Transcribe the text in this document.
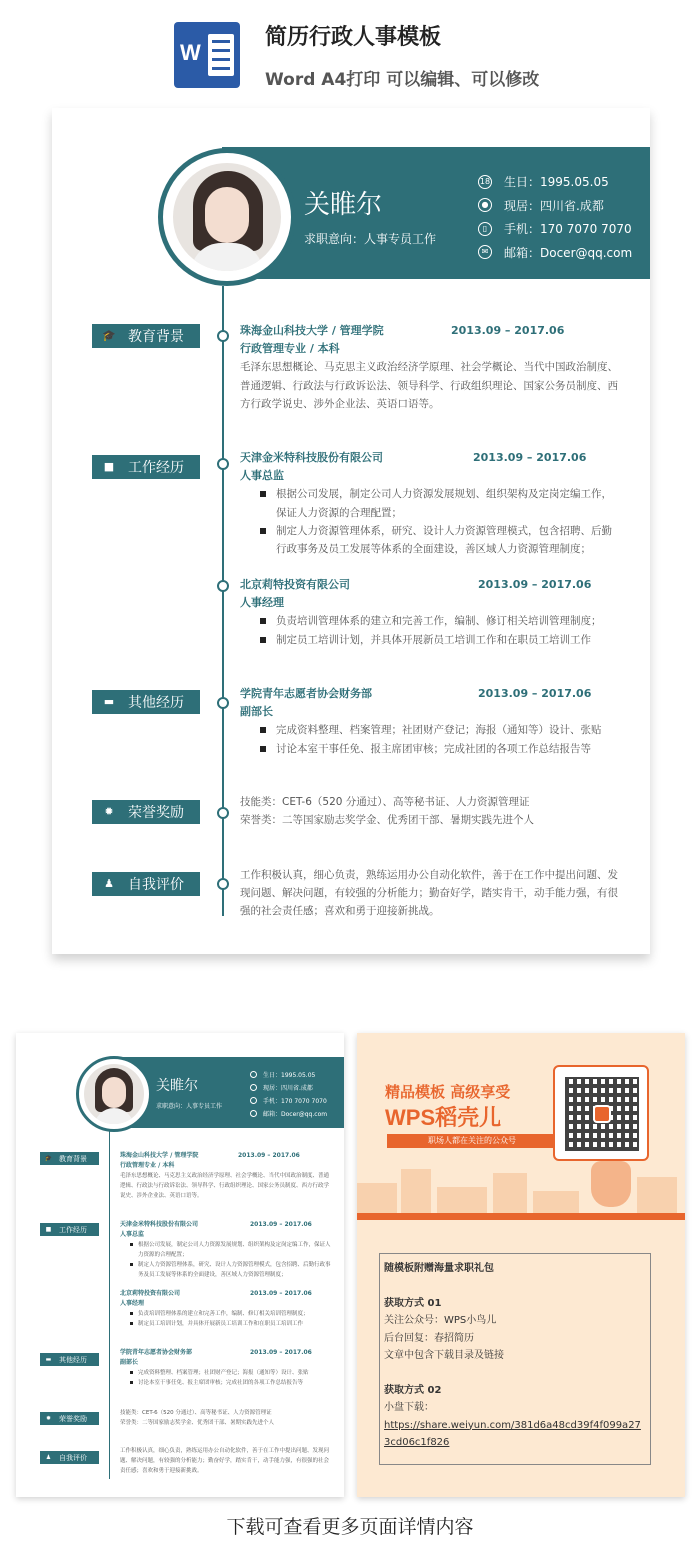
W
简历行政人事模板
Word A4打印 可以编辑、可以修改
关睢尔
求职意向：人事专员工作
18 生日：1995.05.05
● 现居：四川省.成都
▯	手机：170 7070 7070
✉	邮箱：Docer@qq.com
🎓 教育背景
■ 工作经历
▬ 其他经历
✹	荣誉奖励
♟ 自我评价
珠海金山科技大学 / 管理学院	2013.09 – 2017.06
行政管理专业 / 本科
毛泽东思想概论、马克思主义政治经济学原理、社会学概论、当代中国政治制度、普通逻辑、行政法与行政诉讼法、领导科学、行政组织理论、国家公务员制度、西方行政学说史、涉外企业法、英语口语等。
天津金米特科技股份有限公司	2013.09 – 2017.06
人事总监
根据公司发展，制定公司人力资源发展规划、组织架构及定岗定编工作，保证人力资源的合理配置；
制定人力资源管理体系，研究、设计人力资源管理模式，包含招聘、后勤行政事务及员工发展等体系的全面建设，善区域人力资源管理制度；
北京莉特投资有限公司	2013.09 – 2017.06
人事经理
负责培训管理体系的建立和完善工作，编制、修订相关培训管理制度；
制定员工培训计划，并具体开展新员工培训工作和在职员工培训工作
学院青年志愿者协会财务部	2013.09 – 2017.06
副部长
完成资料整理、档案管理；社团财产登记；海报（通知等）设计、张贴
讨论本室干事任免、报主席团审核；完成社团的各项工作总结报告等
技能类：CET-6（520 分通过）、高等秘书证、人力资源管理证
荣誉类：二等国家励志奖学金、优秀团干部、暑期实践先进个人
工作积极认真，细心负责，熟练运用办公自动化软件，善于在工作中提出问题、发现问题、解决问题，有较强的分析能力；勤奋好学，踏实肯干，动手能力强，有很强的社会责任感；喜欢和勇于迎接新挑战。
关睢尔
求职意向：人事专员工作
生日：1995.05.05
现居：四川省.成都
手机：170 7070 7070
邮箱：Docer@qq.com
🎓 教育背景
■ 工作经历
▬ 其他经历
✹ 荣誉奖励
♟ 自我评价
珠海金山科技大学 / 管理学院	2013.09 – 2017.06
行政管理专业 / 本科
毛泽东思想概论、马克思主义政治经济学原理、社会学概论、当代中国政治制度、普通逻辑、行政法与行政诉讼法、领导科学、行政组织理论、国家公务员制度、西方行政学说史、涉外企业法、英语口语等。
天津金米特科技股份有限公司	2013.09 – 2017.06
人事总监
根据公司发展，制定公司人力资源发展规划、组织架构及定岗定编工作，保证人力资源的合理配置；
制定人力资源管理体系，研究、设计人力资源管理模式，包含招聘、后勤行政事务及员工发展等体系的全面建设，善区域人力资源管理制度；
北京莉特投资有限公司	2013.09 – 2017.06
人事经理
负责培训管理体系的建立和完善工作，编制、修订相关培训管理制度；
制定员工培训计划，并具体开展新员工培训工作和在职员工培训工作
学院青年志愿者协会财务部	2013.09 – 2017.06
副部长
完成资料整理、档案管理；社团财产登记；海报（通知等）设计、张贴
讨论本室干事任免、报主席团审核；完成社团的各项工作总结报告等
技能类：CET-6（520 分通过）、高等秘书证、人力资源管理证
荣誉类：二等国家励志奖学金、优秀团干部、暑期实践先进个人
工作积极认真，细心负责，熟练运用办公自动化软件，善于在工作中提出问题、发现问题、解决问题，有较强的分析能力；勤奋好学，踏实肯干，动手能力强，有很强的社会责任感；喜欢和勇于迎接新挑战。
精品模板 高级享受
WPS稻壳儿
职场人都在关注的公众号
随模板附赠海量求职礼包
获取方式 01
关注公众号：WPS小鸟儿
后台回复：春招简历
文章中包含下载目录及链接
获取方式 02
小盘下载：
https://share.weiyun.com/381d6a48cd39f4f099a273cd06c1f826
下载可查看更多页面详情内容
